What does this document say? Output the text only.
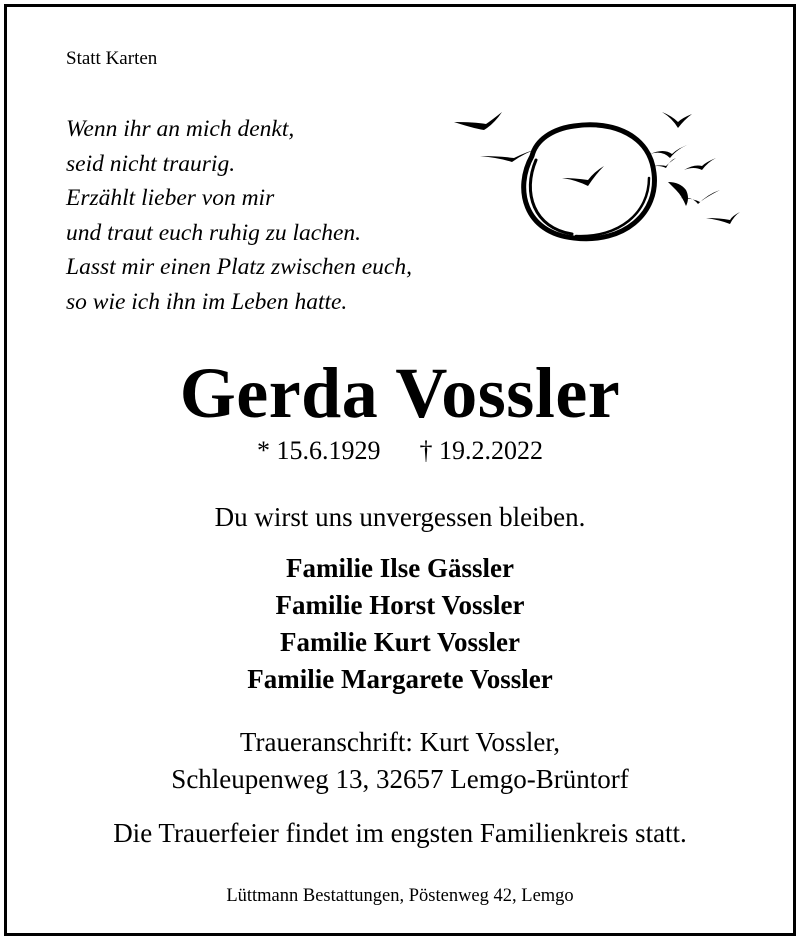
Statt Karten
Wenn ihr an mich denkt,
seid nicht traurig.
Erzählt lieber von mir
und traut euch ruhig zu lachen.
Lasst mir einen Platz zwischen euch,
so wie ich ihn im Leben hatte.
Gerda Vossler
* 15.6.1929 † 19.2.2022
Du wirst uns unvergessen bleiben.
Familie Ilse Gässler
Familie Horst Vossler
Familie Kurt Vossler
Familie Margarete Vossler
Traueranschrift: Kurt Vossler,
Schleupenweg 13, 32657 Lemgo-Brüntorf
Die Trauerfeier findet im engsten Familienkreis statt.
Lüttmann Bestattungen, Pöstenweg 42, Lemgo
